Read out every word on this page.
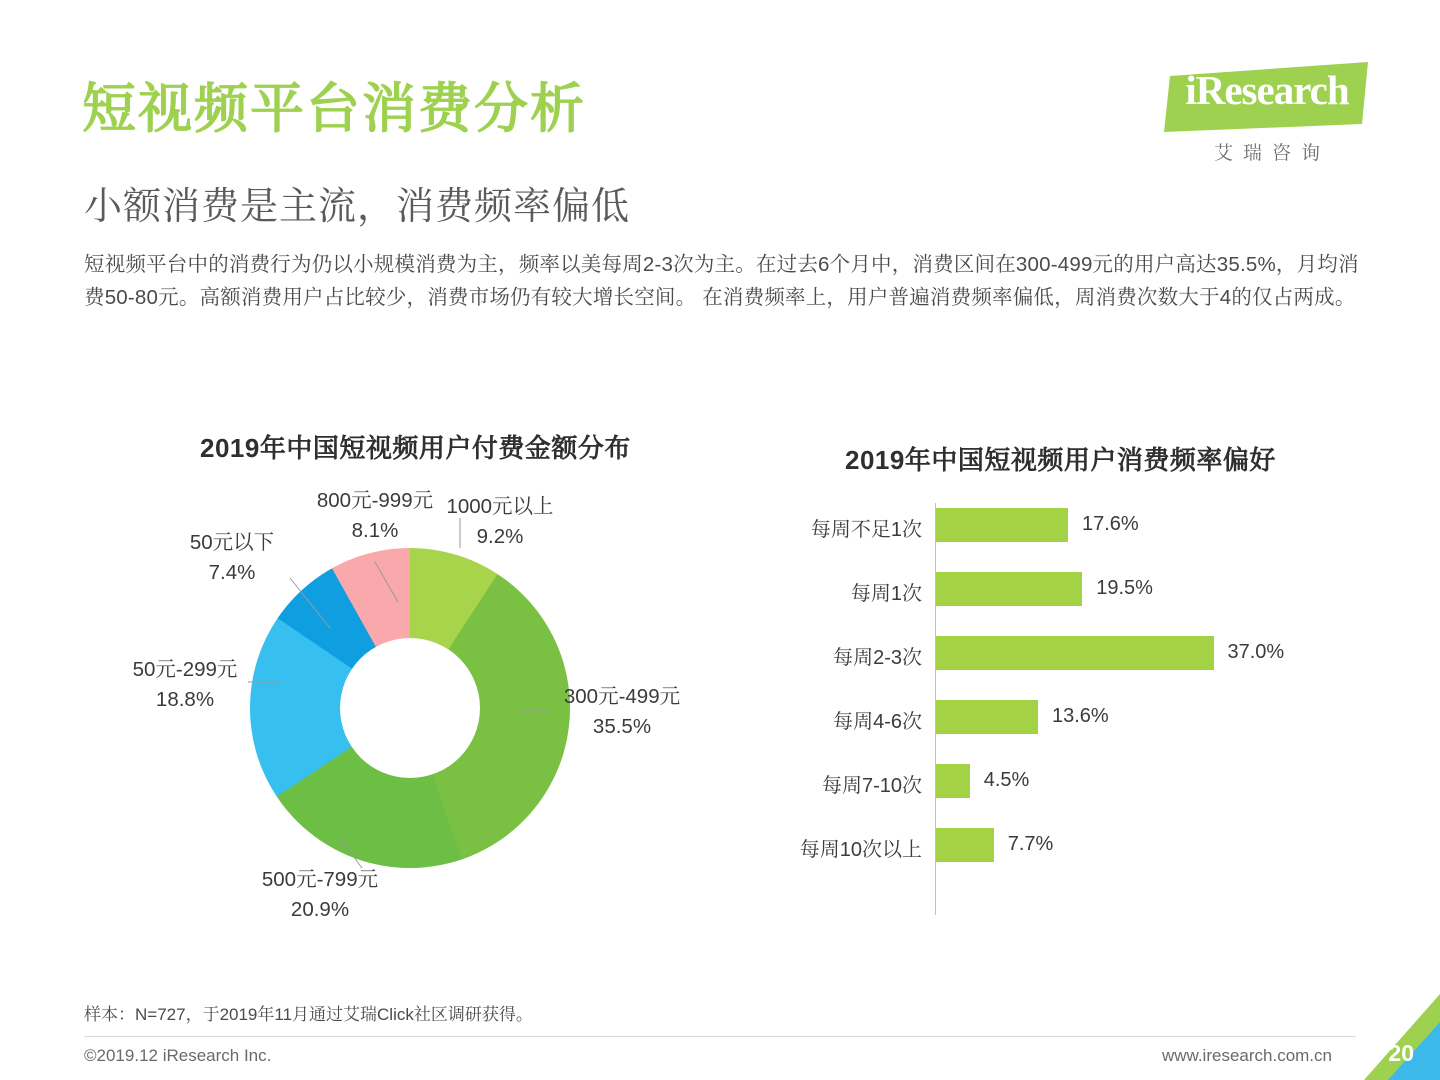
短视频平台消费分析
小额消费是主流，消费频率偏低
短视频平台中的消费行为仍以小规模消费为主，频率以美每周2-3次为主。在过去6个月中，消费区间在300-499元的用户高达35.5%，月均消费50-80元。高额消费用户占比较少，消费市场仍有较大增长空间。 在消费频率上，用户普遍消费频率偏低，周消费次数大于4的仅占两成。
iResearch
艾瑞咨询
2019年中国短视频用户付费金额分布
800元-999元
8.1%
1000元以上
9.2%
50元以下
7.4%
50元-299元
18.8%	300元-499元
35.5%
500元-799元
20.9%
2019年中国短视频用户消费频率偏好
每周不足1次	17.6%
每周1次	19.5%
每周2-3次	37.0%
每周4-6次	13.6%
每周7-10次	4.5%
每周10次以上	7.7%
样本：N=727，于2019年11月通过艾瑞Click社区调研获得。
©2019.12 iResearch Inc.	www.iresearch.com.cn 20
